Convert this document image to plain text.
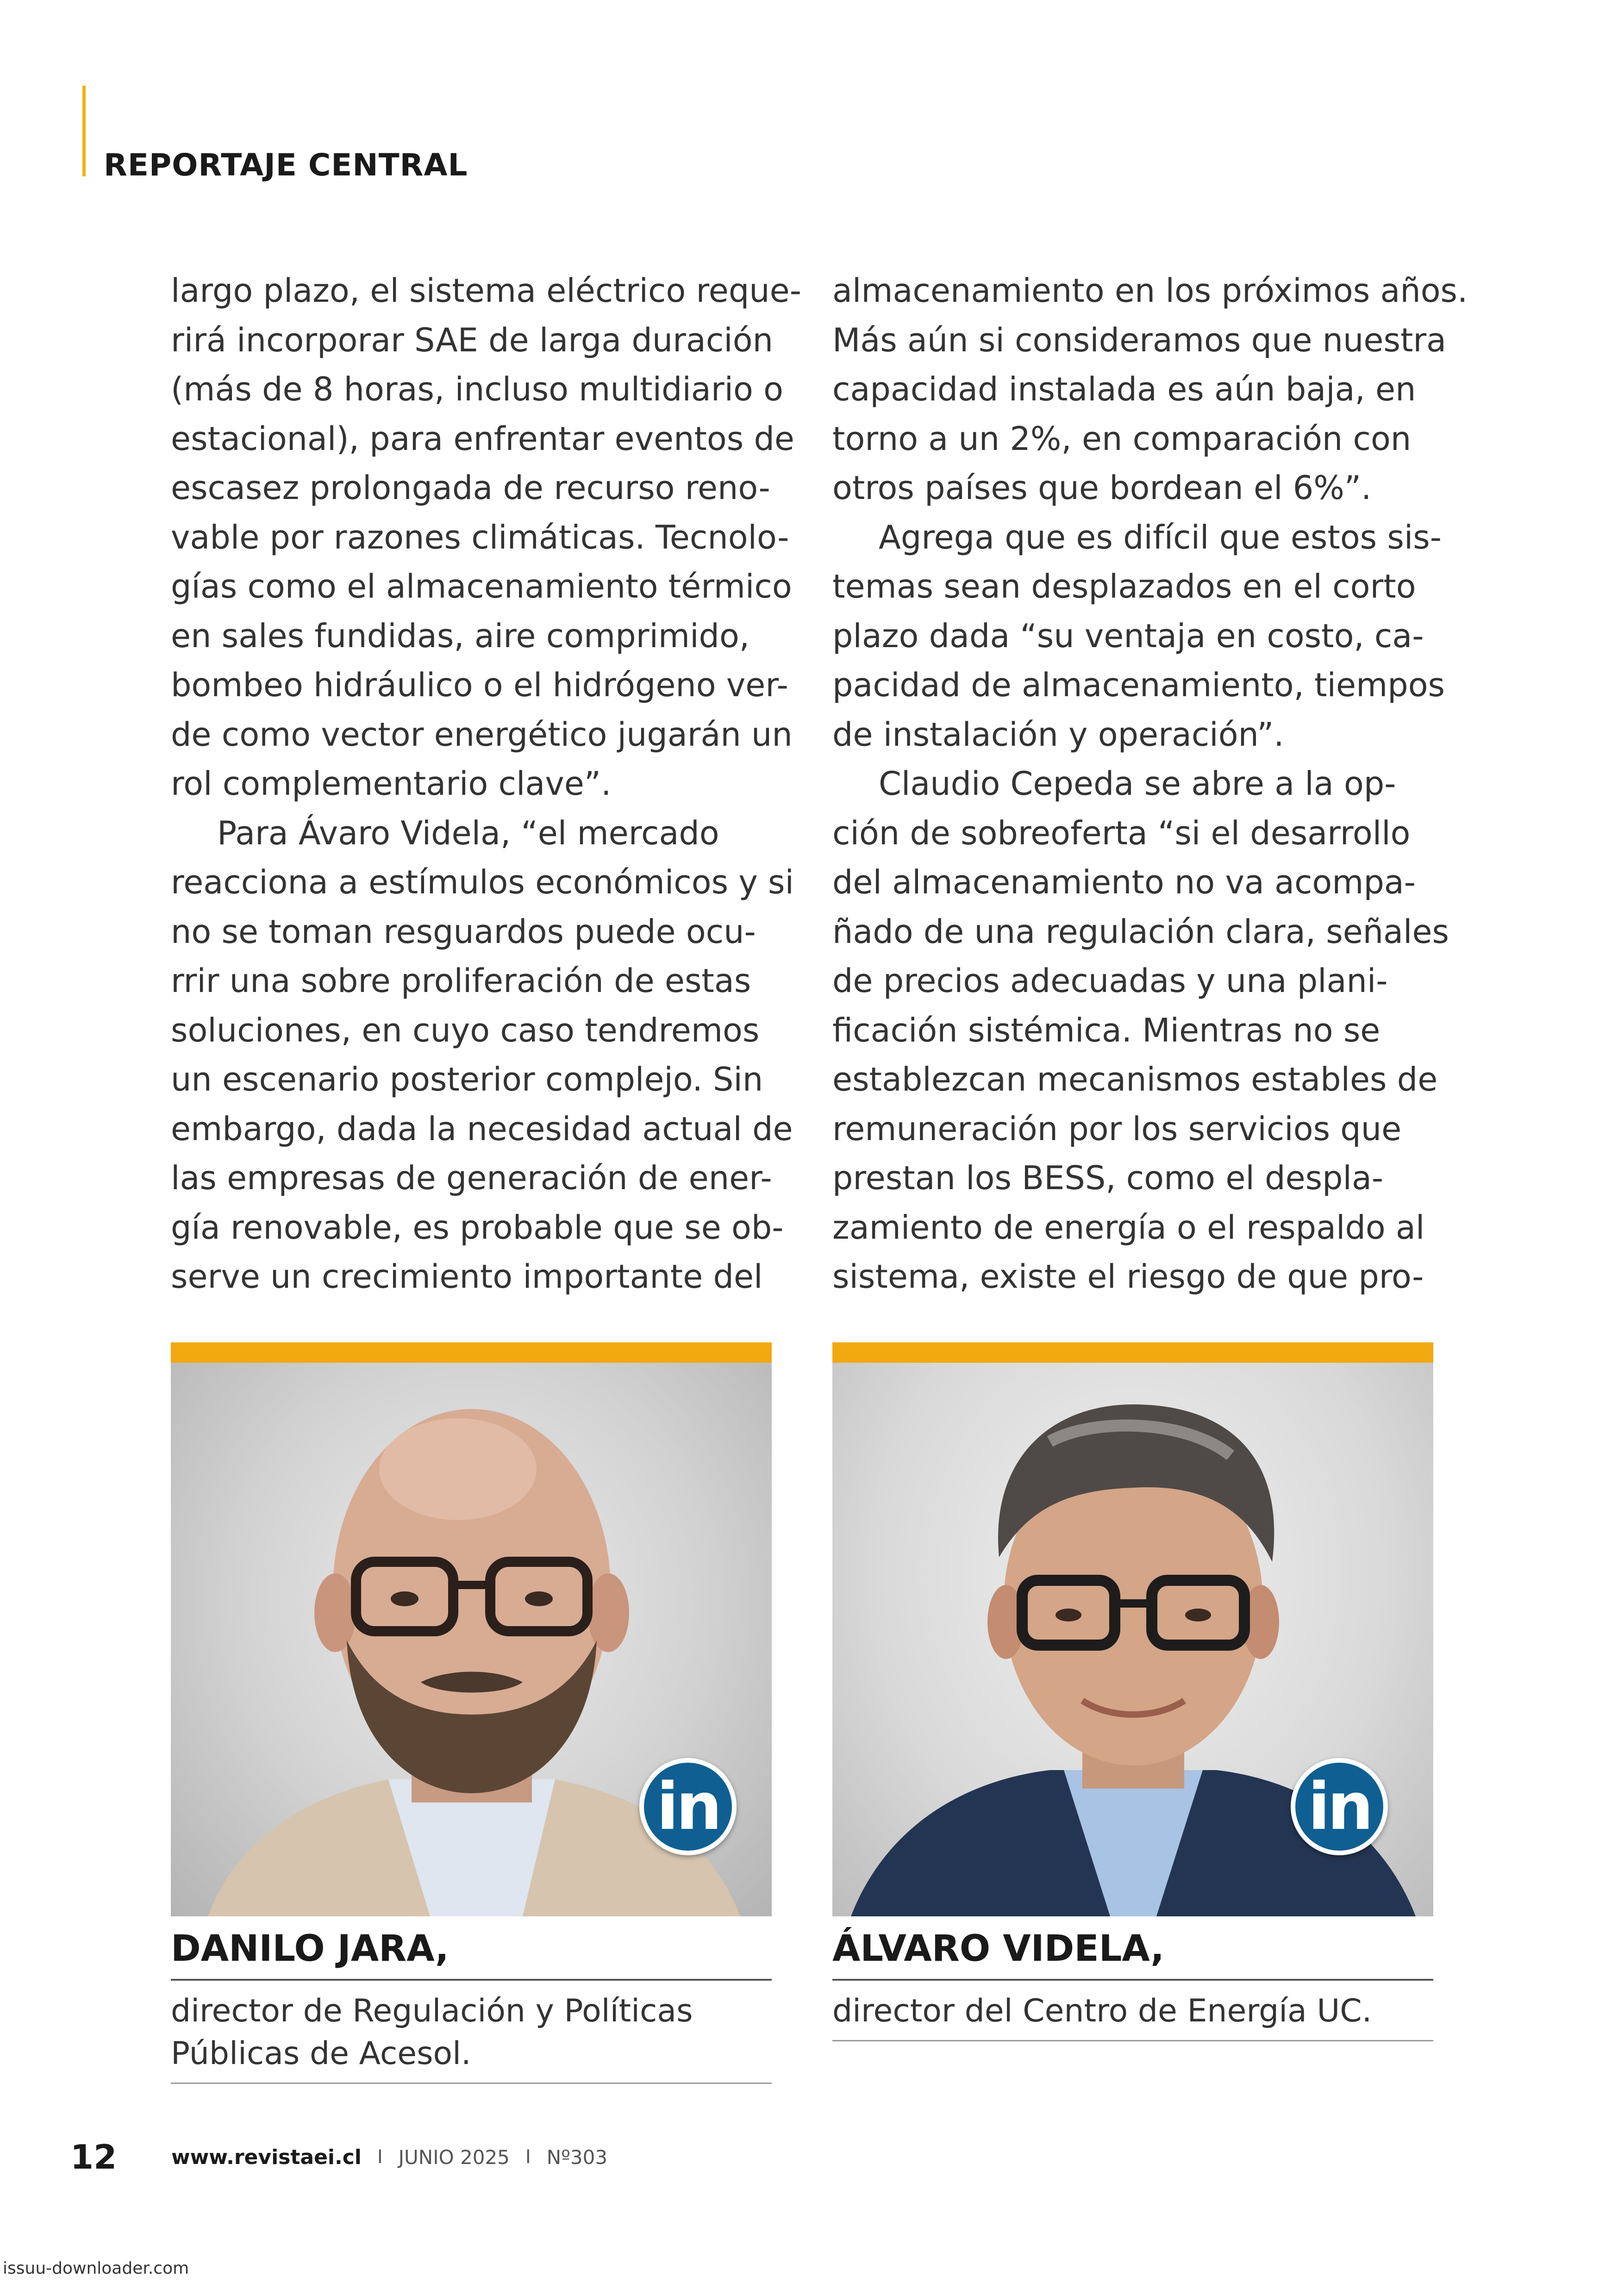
REPORTAJE CENTRAL
largo plazo, el sistema eléctrico reque-
rirá incorporar SAE de larga duración
(más de 8 horas, incluso multidiario o
estacional), para enfrentar eventos de
escasez prolongada de recurso reno-
vable por razones climáticas. Tecnolo-
gías como el almacenamiento térmico
en sales fundidas, aire comprimido,
bombeo hidráulico o el hidrógeno ver-
de como vector energético jugarán un
rol complementario clave”.
Para Ávaro Videla, “el mercado
reacciona a estímulos económicos y si
no se toman resguardos puede ocu-
rrir una sobre proliferación de estas
soluciones, en cuyo caso tendremos
un escenario posterior complejo. Sin
embargo, dada la necesidad actual de
las empresas de generación de ener-
gía renovable, es probable que se ob-
serve un crecimiento importante del
almacenamiento en los próximos años.
Más aún si consideramos que nuestra
capacidad instalada es aún baja, en
torno a un 2%, en comparación con
otros países que bordean el 6%”.
Agrega que es difícil que estos sis-
temas sean desplazados en el corto
plazo dada “su ventaja en costo, ca-
pacidad de almacenamiento, tiempos
de instalación y operación”.
Claudio Cepeda se abre a la op-
ción de sobreoferta “si el desarrollo
del almacenamiento no va acompa-
ñado de una regulación clara, señales
de precios adecuadas y una plani-
ficación sistémica. Mientras no se
establezcan mecanismos estables de
remuneración por los servicios que
prestan los BESS, como el despla-
zamiento de energía o el respaldo al
sistema, existe el riesgo de que pro-
in	in
DANILO JARA,
director de Regulación y Políticas
Públicas de Acesol.
ÁLVARO VIDELA,
director del Centro de Energía UC.
12	www.revistaei.cl I JUNIO 2025 I Nº303
issuu-downloader.com
